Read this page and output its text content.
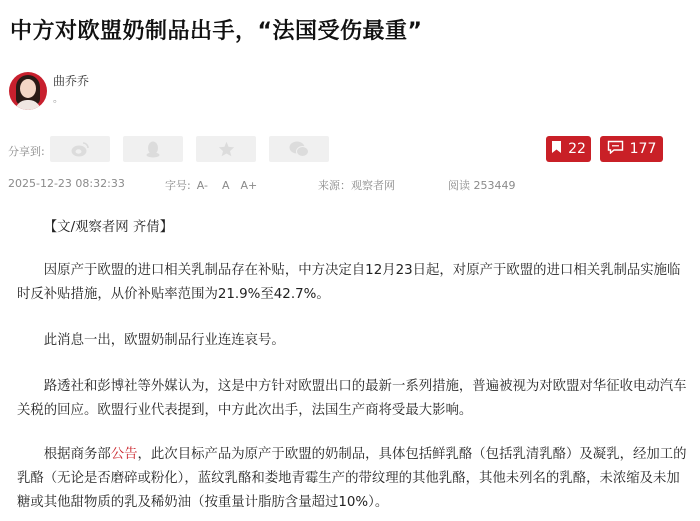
中方对欧盟奶制品出手，“法国受伤最重”
曲乔乔
。
分享到:	22	177
2025-12-23 08:32:33	字号: A- A A+	来源：观察者网	阅读 253449

【文/观察者网 齐倩】

因原产于欧盟的进口相关乳制品存在补贴，中方决定自12月23日起，对原产于欧盟的进口相关乳制品实施临时反补贴措施，从价补贴率范围为21.9%至42.7%。

此消息一出，欧盟奶制品行业连连哀号。

路透社和彭博社等外媒认为，这是中方针对欧盟出口的最新一系列措施，普遍被视为对欧盟对华征收电动汽车关税的回应。欧盟行业代表提到，中方此次出手，法国生产商将受最大影响。

根据商务部公告，此次目标产品为原产于欧盟的奶制品，具体包括鲜乳酪（包括乳清乳酪）及凝乳，经加工的乳酪（无论是否磨碎或粉化），蓝纹乳酪和娄地青霉生产的带纹理的其他乳酪，其他未列名的乳酪，未浓缩及未加糖或其他甜物质的乳及稀奶油（按重量计脂肪含量超过10%）。
